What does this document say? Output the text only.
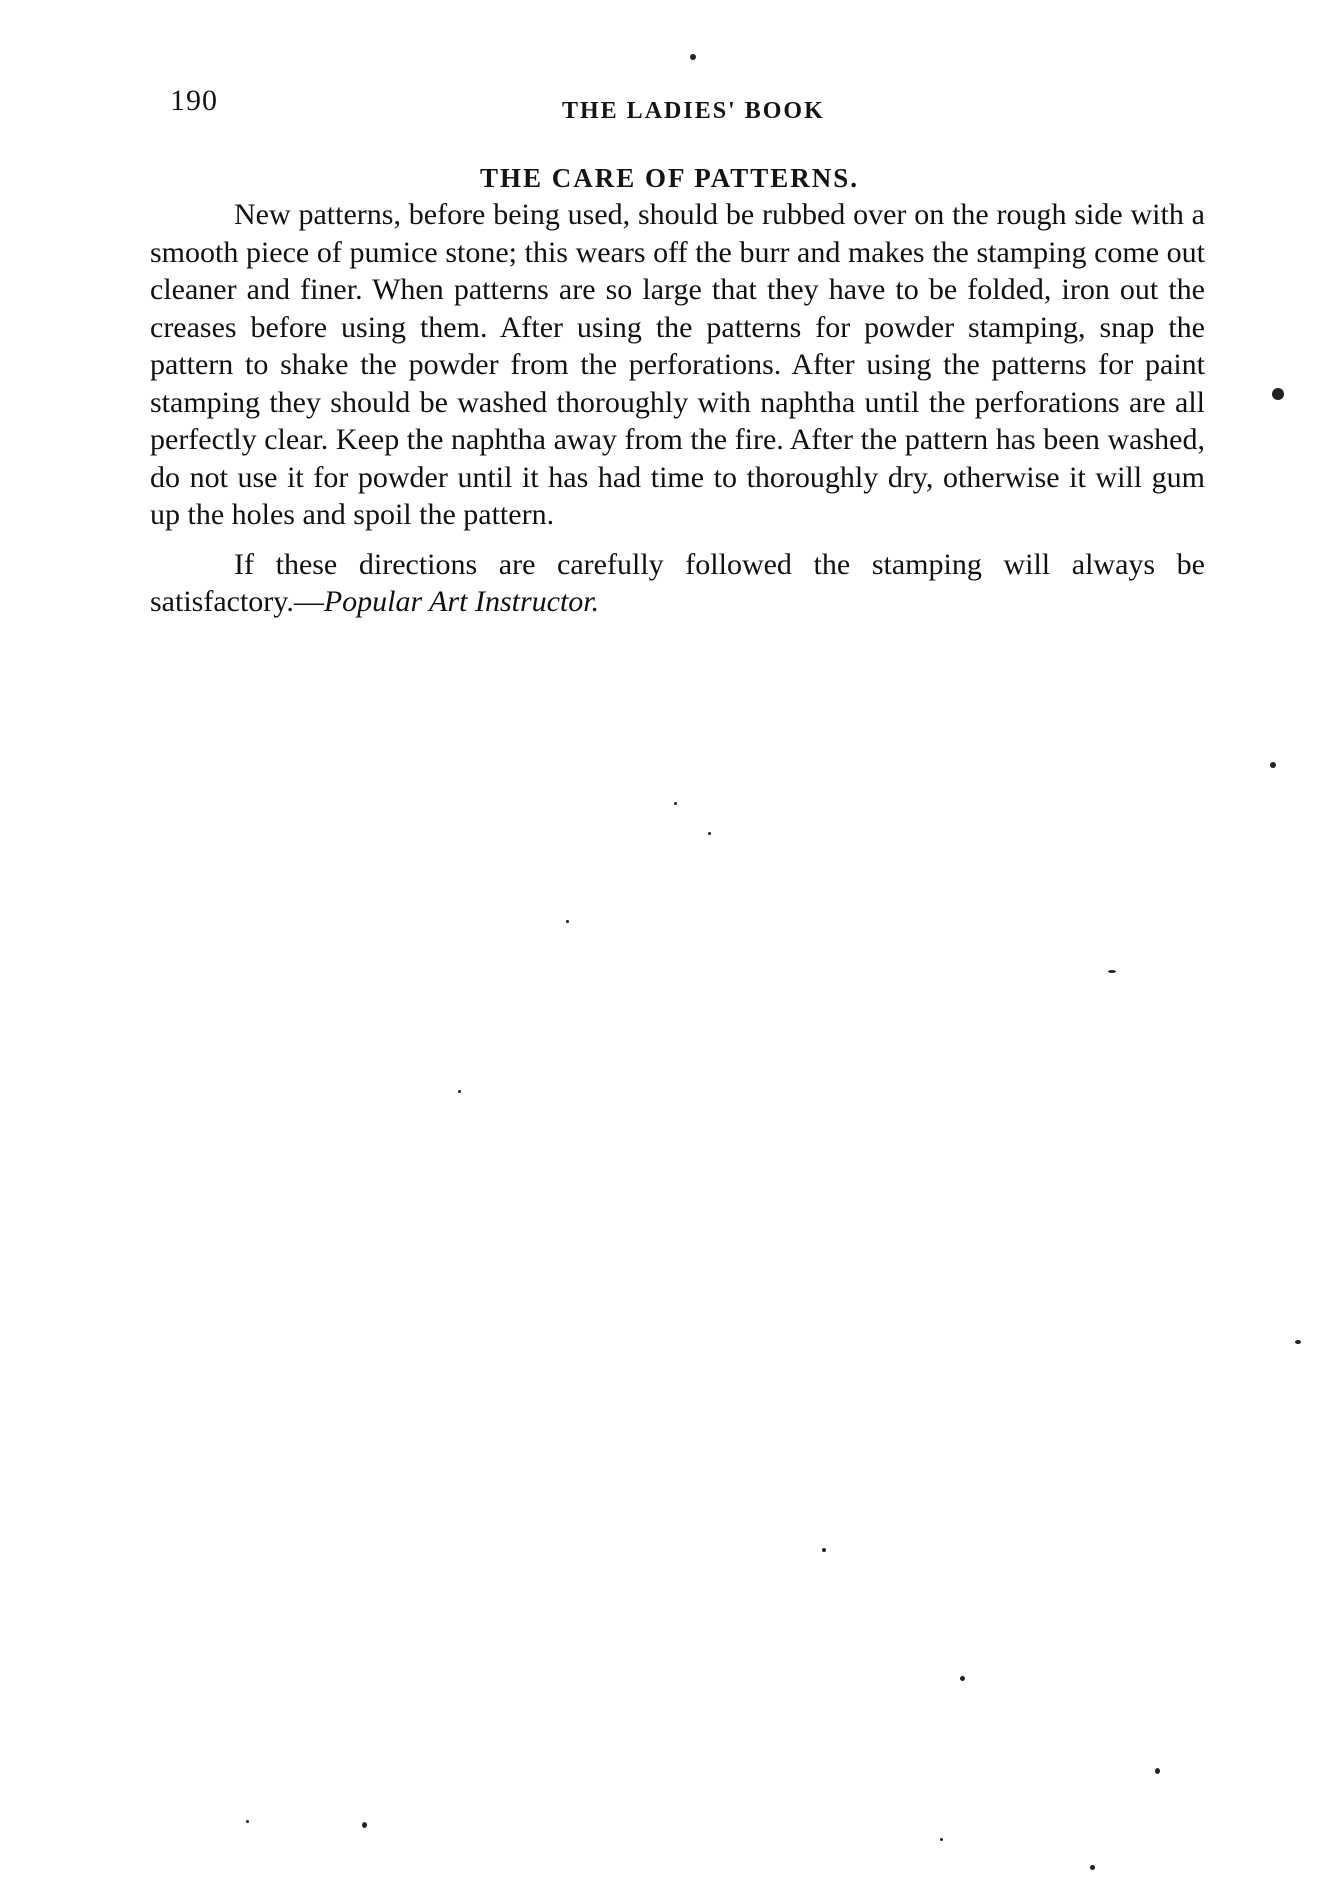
190	THE LADIES' BOOK
THE CARE OF PATTERNS.

New patterns, before being used, should be rubbed over on the rough side with a smooth piece of pumice stone; this wears off the burr and makes the stamping come out cleaner and finer. When patterns are so large that they have to be folded, iron out the creases before using them. After using the patterns for powder stamping, snap the pattern to shake the powder from the perforations. After using the patterns for paint stamping they should be washed thoroughly with naphtha until the perforations are all perfectly clear. Keep the naphtha away from the fire. After the pattern has been washed, do not use it for powder until it has had time to thoroughly dry, otherwise it will gum up the holes and spoil the pattern.

If these directions are carefully followed the stamping will always be satisfactory.—Popular Art Instructor.
